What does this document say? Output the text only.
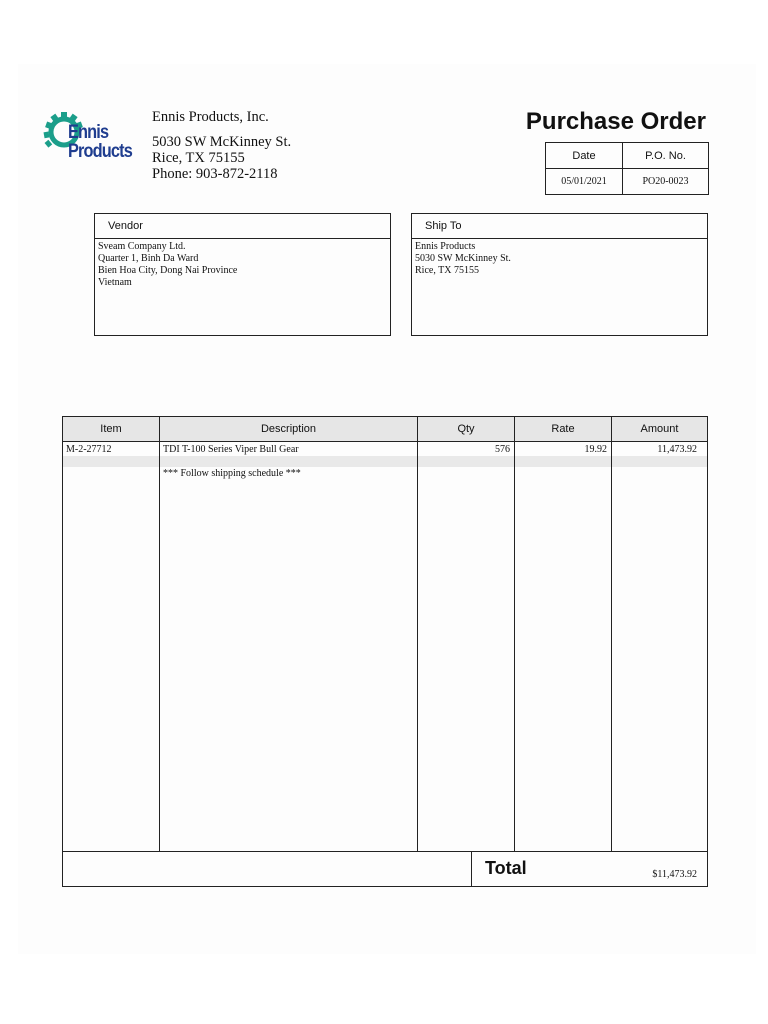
Ennis
Products
Ennis Products, Inc.
5030 SW McKinney St.
Rice, TX 75155
Phone: 903-872-2118
Purchase Order
Date	P.O. No.
05/01/2021	PO20-0023
Vendor
Sveam Company Ltd.
Quarter 1, Binh Da Ward
Bien Hoa City, Dong Nai Province
Vietnam
Ship To
Ennis Products
5030 SW McKinney St.
Rice, TX 75155
Item	Description	Qty	Rate	Amount
M-2-27712	TDI T-100 Series Viper Bull Gear	576	19.92	11,473.92
*** Follow shipping schedule ***
Total	$11,473.92
